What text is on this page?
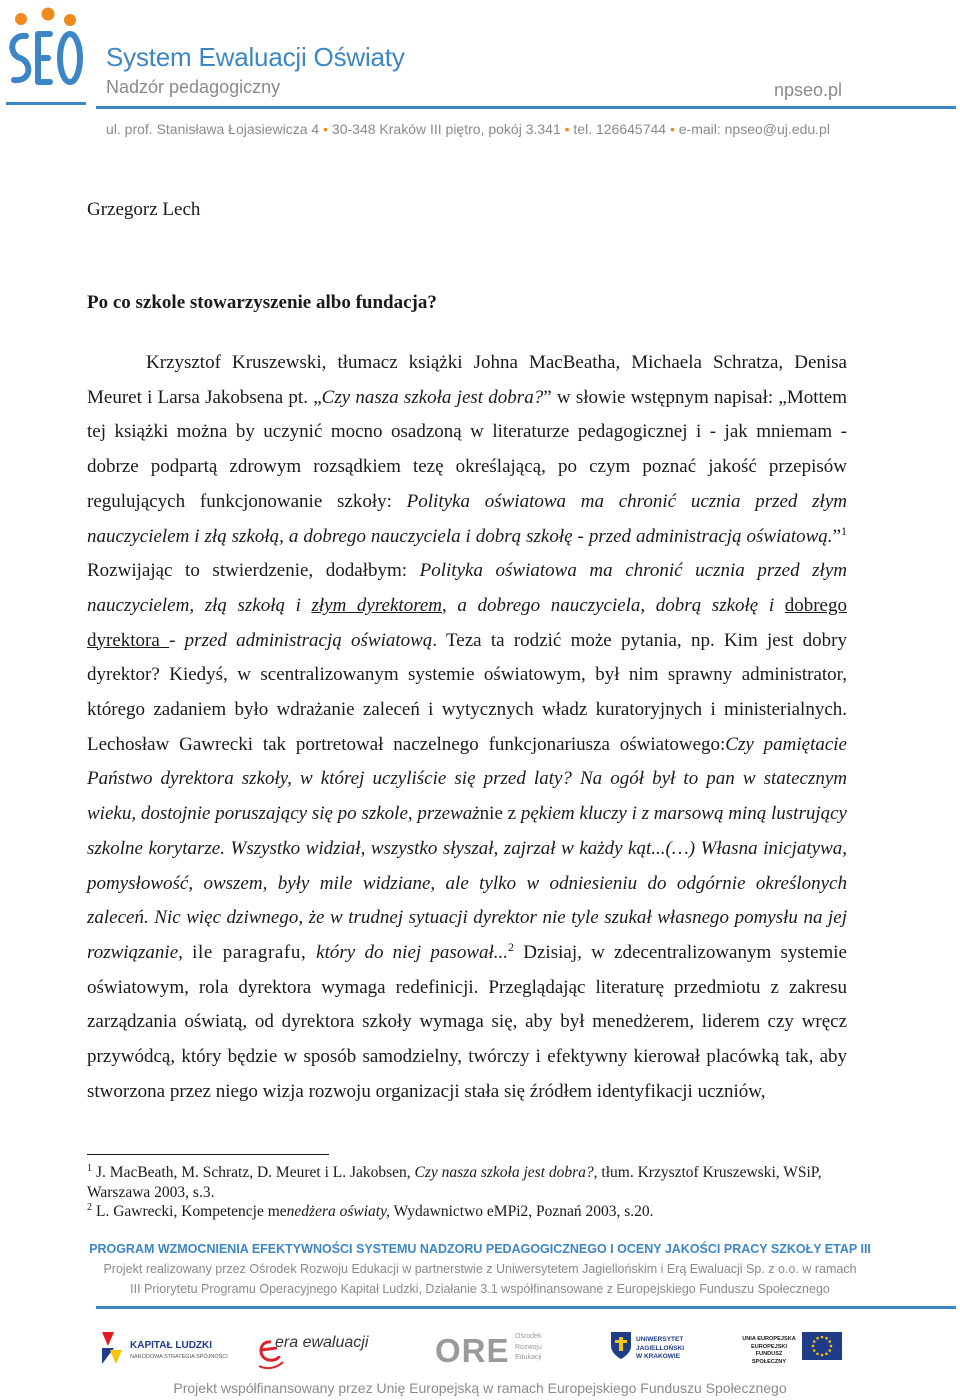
System Ewaluacji Oświaty
Nadzór pedagogiczny	npseo.pl
ul. prof. Stanisława Łojasiewicza 4 • 30-348 Kraków III piętro, pokój 3.341 • tel. 126645744 • e-mail: npseo@uj.edu.pl
Grzegorz Lech
Po co szkole stowarzyszenie albo fundacja?
Krzysztof Kruszewski, tłumacz książki Johna MacBeatha, Michaela Schratza, Denisa Meuret i Larsa Jakobsena pt. „Czy nasza szkoła jest dobra?” w słowie wstępnym napisał: „Mottem tej książki można by uczynić mocno osadzoną w literaturze pedagogicznej i - jak mniemam - dobrze podpartą zdrowym rozsądkiem tezę określającą, po czym poznać jakość przepisów regulujących funkcjonowanie szkoły: Polityka oświatowa ma chronić ucznia przed złym nauczycielem i złą szkołą, a dobrego nauczyciela i dobrą szkołę - przed administracją oświatową.”$^1$ Rozwijając to stwierdzenie, dodałbym: Polityka oświatowa ma chronić ucznia przed złym nauczycielem, złą szkołą i złym dyrektorem, a dobrego nauczyciela, dobrą szkołę i dobrego dyrektora - przed administracją oświatową. Teza ta rodzić może pytania, np. Kim jest dobry dyrektor? Kiedyś, w scentralizowanym systemie oświatowym, był nim sprawny administrator, którego zadaniem było wdrażanie zaleceń i wytycznych władz kuratoryjnych i ministerialnych. Lechosław Gawrecki tak portretował naczelnego funkcjonariusza oświatowego:Czy pamiętacie Państwo dyrektora szkoły, w której uczyliście się przed laty? Na ogół był to pan w statecznym wieku, dostojnie poruszający się po szkole, przeważnie z pękiem kluczy i z marsową miną lustrujący szkolne korytarze. Wszystko widział, wszystko słyszał, zajrzał w każdy kąt...(…) Własna inicjatywa, pomysłowość, owszem, były mile widziane, ale tylko w odniesieniu do odgórnie określonych zaleceń. Nic więc dziwnego, że w trudnej sytuacji dyrektor nie tyle szukał własnego pomysłu na jej rozwiązanie, ile paragrafu, który do niej pasował...$^2$ Dzisiaj, w zdecentralizowanym systemie oświatowym, rola dyrektora wymaga redefinicji. Przeglądając literaturę przedmiotu z zakresu zarządzania oświatą, od dyrektora szkoły wymaga się, aby był menedżerem, liderem czy wręcz przywódcą, który będzie w sposób samodzielny, twórczy i efektywny kierował placówką tak, aby stworzona przez niego wizja rozwoju organizacji stała się źródłem identyfikacji uczniów,

$^1$ J. MacBeath, M. Schratz, D. Meuret i L. Jakobsen, Czy nasza szkoła jest dobra?, tłum. Krzysztof Kruszewski, WSiP, Warszawa 2003, s.3.

$^2$ L. Gawrecki, Kompetencje menedżera oświaty, Wydawnictwo eMPi2, Poznań 2003, s.20.

PROGRAM WZMOCNIENIA EFEKTYWNOŚCI SYSTEMU NADZORU PEDAGOGICZNEGO I OCENY JAKOŚCI PRACY SZKOŁY ETAP III
Projekt realizowany przez Ośrodek Rozwoju Edukacji w partnerstwie z Uniwersytetem Jagiellońskim i Erą Ewaluacji Sp. z o.o. w ramach
III Priorytetu Programu Operacyjnego Kapitał Ludzki, Działanie 3.1 współfinansowane z Europejskiego Funduszu Społecznego
KAPITAŁ LUDZKI
NARODOWA STRATEGIA SPÓJNOŚCI
era ewaluacji ORE Ośrodek
Rozwoju
Edukacji
UNIWERSYTET
JAGIELLOŃSKI
W KRAKOWIE
UNIA EUROPEJSKA
EUROPEJSKI
FUNDUSZ SPOŁECZNY
Projekt współfinansowany przez Unię Europejską w ramach Europejskiego Funduszu Społecznego
